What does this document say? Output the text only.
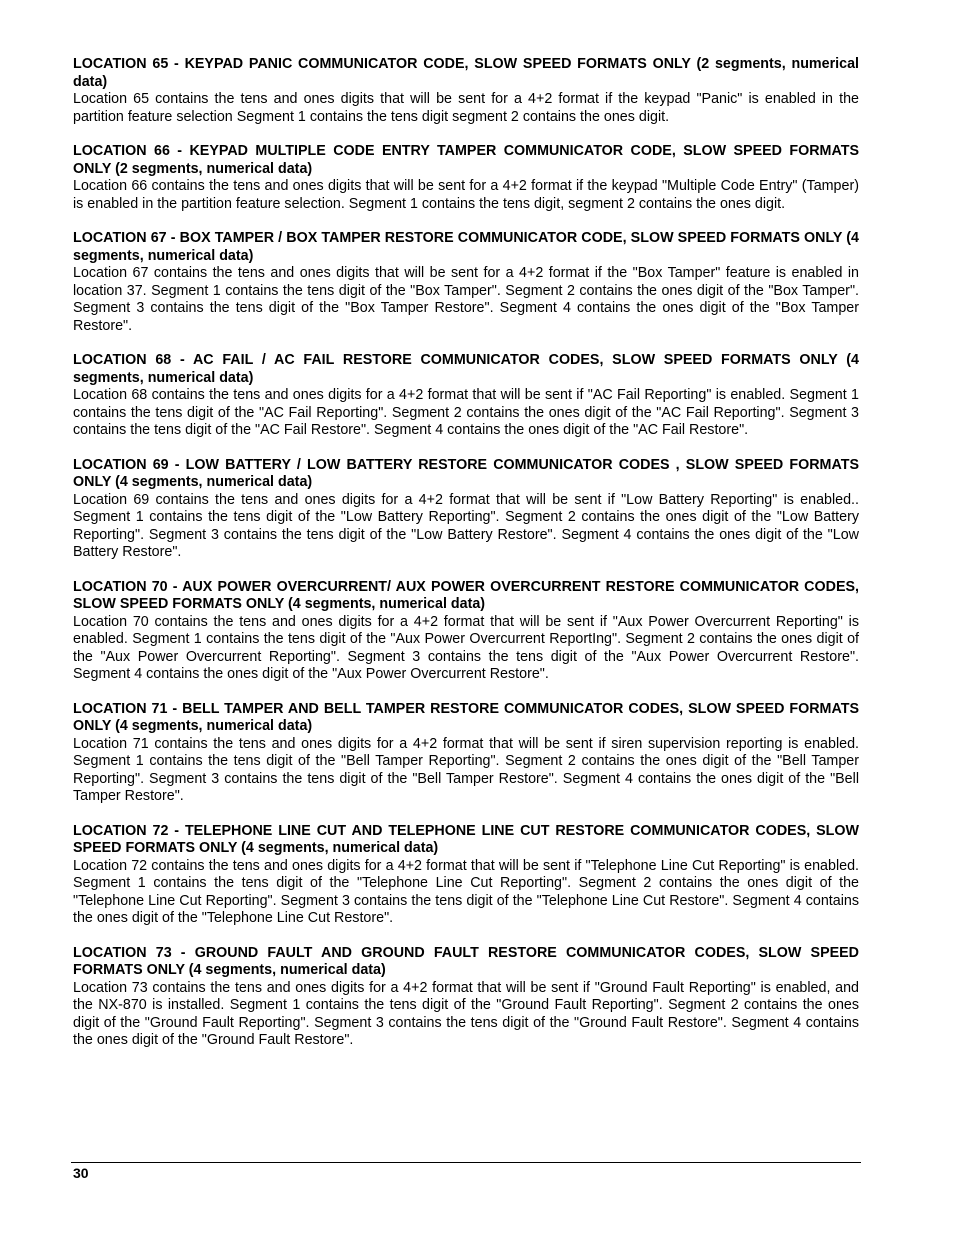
LOCATION 65 - KEYPAD PANIC COMMUNICATOR CODE, SLOW SPEED FORMATS ONLY (2 segments, numerical data)

Location 65 contains the tens and ones digits that will be sent for a 4+2 format if the keypad "Panic" is enabled in the partition feature selection Segment 1 contains the tens digit segment 2 contains the ones digit.

LOCATION 66 - KEYPAD MULTIPLE CODE ENTRY TAMPER COMMUNICATOR CODE, SLOW SPEED FORMATS ONLY (2 segments, numerical data)

Location 66 contains the tens and ones digits that will be sent for a 4+2 format if the keypad "Multiple Code Entry" (Tamper) is enabled in the partition feature selection. Segment 1 contains the tens digit, segment 2 contains the ones digit.

LOCATION 67 - BOX TAMPER / BOX TAMPER RESTORE COMMUNICATOR CODE, SLOW SPEED FORMATS ONLY (4 segments, numerical data)

Location 67 contains the tens and ones digits that will be sent for a 4+2 format if the "Box Tamper" feature is enabled in location 37. Segment 1 contains the tens digit of the "Box Tamper". Segment 2 contains the ones digit of the "Box Tamper". Segment 3 contains the tens digit of the "Box Tamper Restore". Segment 4 contains the ones digit of the "Box Tamper Restore".

LOCATION 68 - AC FAIL / AC FAIL RESTORE COMMUNICATOR CODES, SLOW SPEED FORMATS ONLY (4 segments, numerical data)

Location 68 contains the tens and ones digits for a 4+2 format that will be sent if "AC Fail Reporting" is enabled. Segment 1 contains the tens digit of the "AC Fail Reporting". Segment 2 contains the ones digit of the "AC Fail Reporting". Segment 3 contains the tens digit of the "AC Fail Restore". Segment 4 contains the ones digit of the "AC Fail Restore".

LOCATION 69 - LOW BATTERY / LOW BATTERY RESTORE COMMUNICATOR CODES , SLOW SPEED FORMATS ONLY (4 segments, numerical data)

Location 69 contains the tens and ones digits for a 4+2 format that will be sent if "Low Battery Reporting" is enabled.. Segment 1 contains the tens digit of the "Low Battery Reporting". Segment 2 contains the ones digit of the "Low Battery Reporting". Segment 3 contains the tens digit of the "Low Battery Restore". Segment 4 contains the ones digit of the "Low Battery Restore".

LOCATION 70 - AUX POWER OVERCURRENT/ AUX POWER OVERCURRENT RESTORE COMMUNICATOR CODES, SLOW SPEED FORMATS ONLY (4 segments, numerical data)

Location 70 contains the tens and ones digits for a 4+2 format that will be sent if "Aux Power Overcurrent Reporting" is enabled. Segment 1 contains the tens digit of the "Aux Power Overcurrent ReportIng". Segment 2 contains the ones digit of the "Aux Power Overcurrent Reporting". Segment 3 contains the tens digit of the "Aux Power Overcurrent Restore". Segment 4 contains the ones digit of the "Aux Power Overcurrent Restore".

LOCATION 71 - BELL TAMPER AND BELL TAMPER RESTORE COMMUNICATOR CODES, SLOW SPEED FORMATS ONLY (4 segments, numerical data)

Location 71 contains the tens and ones digits for a 4+2 format that will be sent if siren supervision reporting is enabled. Segment 1 contains the tens digit of the "Bell Tamper Reporting". Segment 2 contains the ones digit of the "Bell Tamper Reporting". Segment 3 contains the tens digit of the "Bell Tamper Restore". Segment 4 contains the ones digit of the "Bell Tamper Restore".

LOCATION 72 - TELEPHONE LINE CUT AND TELEPHONE LINE CUT RESTORE COMMUNICATOR CODES, SLOW SPEED FORMATS ONLY (4 segments, numerical data)

Location 72 contains the tens and ones digits for a 4+2 format that will be sent if "Telephone Line Cut Reporting" is enabled. Segment 1 contains the tens digit of the "Telephone Line Cut Reporting". Segment 2 contains the ones digit of the "Telephone Line Cut Reporting". Segment 3 contains the tens digit of the "Telephone Line Cut Restore". Segment 4 contains the ones digit of the "Telephone Line Cut Restore".

LOCATION 73 - GROUND FAULT AND GROUND FAULT RESTORE COMMUNICATOR CODES, SLOW SPEED FORMATS ONLY (4 segments, numerical data)

Location 73 contains the tens and ones digits for a 4+2 format that will be sent if "Ground Fault Reporting" is enabled, and the NX-870 is installed. Segment 1 contains the tens digit of the "Ground Fault Reporting". Segment 2 contains the ones digit of the "Ground Fault Reporting". Segment 3 contains the tens digit of the "Ground Fault Restore". Segment 4 contains the ones digit of the "Ground Fault Restore".

30
